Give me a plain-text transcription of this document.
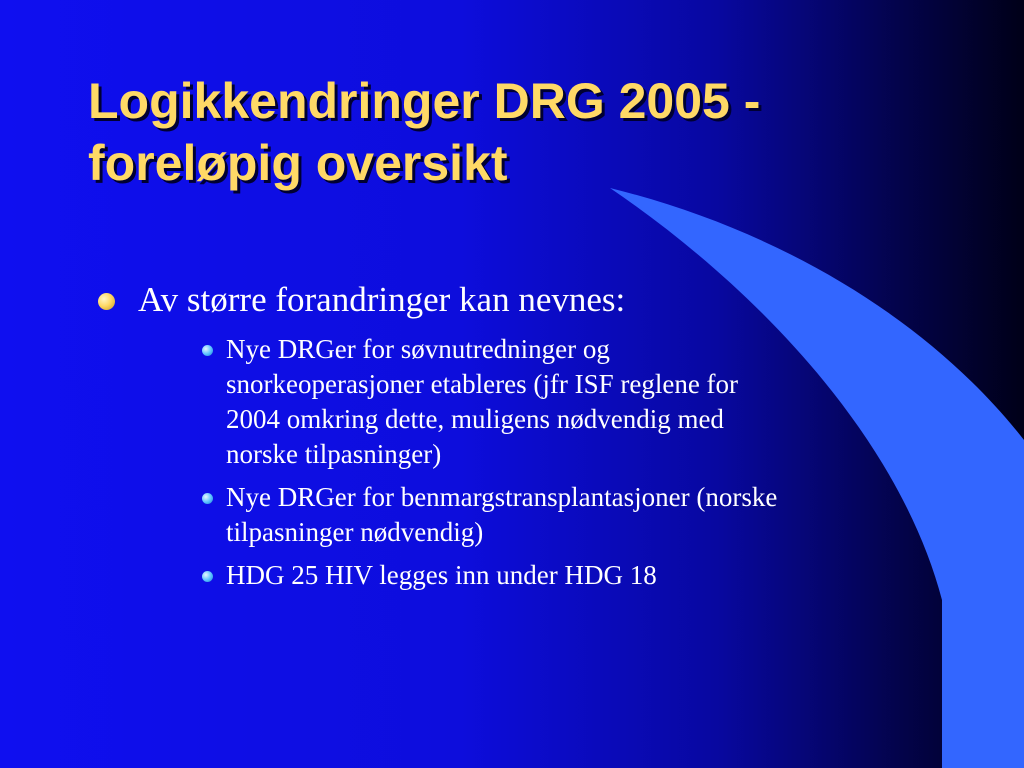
Logikkendringer DRG 2005 -
foreløpig oversikt
Av større forandringer kan nevnes:
Nye DRGer for søvnutredninger og
snorkeoperasjoner etableres (jfr ISF reglene for
2004 omkring dette, muligens nødvendig med
norske tilpasninger)
Nye DRGer for benmargstransplantasjoner (norske
tilpasninger nødvendig)
HDG 25 HIV legges inn under HDG 18
